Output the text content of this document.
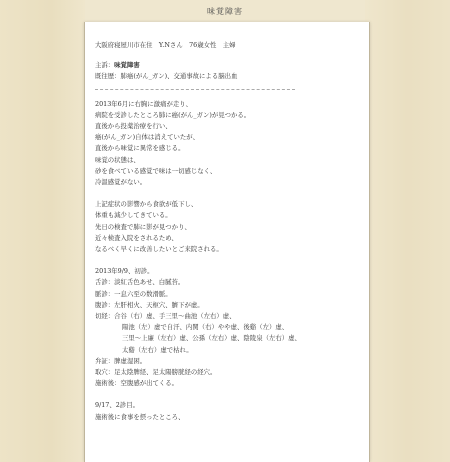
味覚障害
大阪府寝屋川市在住　Y.Nさん　76歳女性　主婦
主訴：味覚障害
既往歴：肺癌(がん_ガン)、交通事故による脳出血
2013年6月に右胸に激痛が走り、
病院を受診したところ肺に癌(がん_ガン)が見つかる。
直後から投薬治療を行い、
癌(がん_ガン)自体は消えていたが、
直後から味覚に異常を感じる。
味覚の状態は、
砂を食べている感覚で味は一切感じなく、
冷温感覚がない。
上記症状の影響から食欲が低下し、
体重も減少してきている。
先日の検査で肺に影が見つかり、
近々検査入院をされるため、
なるべく早くに改善したいとご来院される。
2013年9/9、初診。
舌診：淡紅舌色あせ、白膩苔。
脈診：一息六至の数滑脈。
腹診：左肝相火、天枢穴、臍下が虚。
切経：合谷（右）虚、手三里〜曲池（左右）虚、
陽池（左）虚で自汗、内関（右）やや虚、後谿（左）虚、
三里〜上廉（左右）虚、公孫（左右）虚、陰陵泉（左右）虚、
太谿（左右）虚で枯れ。
弁証：脾虚湿困。
取穴：足太陰脾経、足太陽膀胱経の経穴。
施術後：空腹感が出てくる。
9/17、2診目。
施術後に食事を摂ったところ、
